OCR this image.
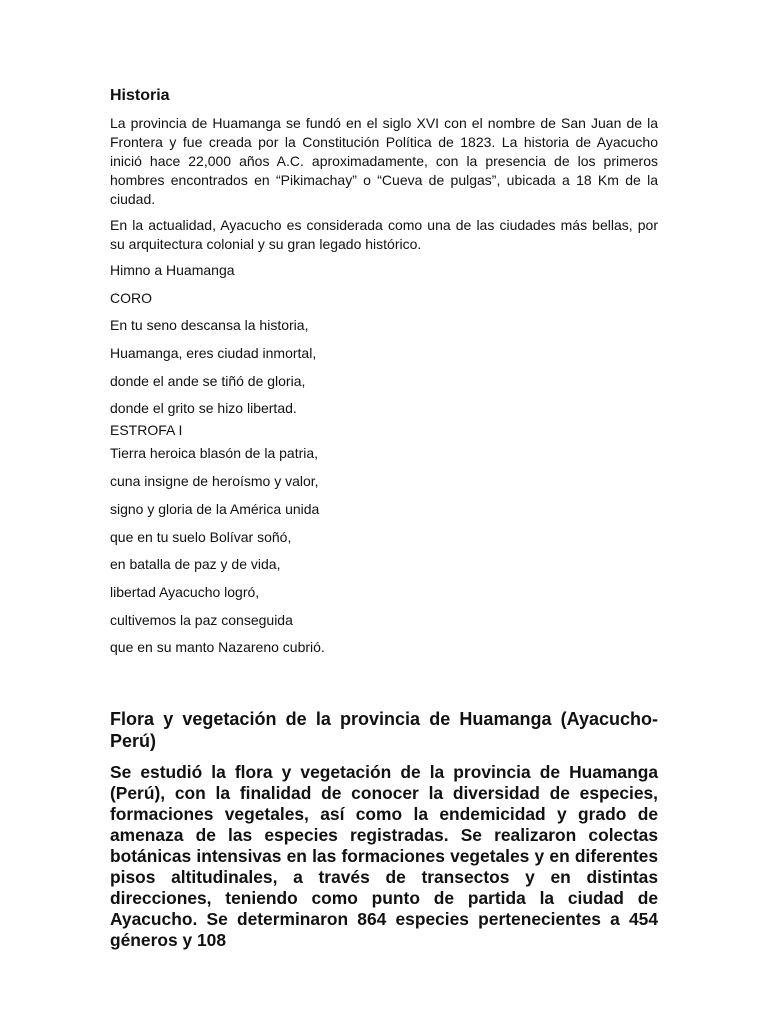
Historia

La provincia de Huamanga se fundó en el siglo XVI con el nombre de San Juan de la Frontera y fue creada por la Constitución Política de 1823. La historia de Ayacucho inició hace 22,000 años A.C. aproximadamente, con la presencia de los primeros hombres encontrados en “Pikimachay” o “Cueva de pulgas”, ubicada a 18 Km de la ciudad.

En la actualidad, Ayacucho es considerada como una de las ciudades más bellas, por su arquitectura colonial y su gran legado histórico.

Himno a Huamanga

CORO

En tu seno descansa la historia,

Huamanga, eres ciudad inmortal,

donde el ande se tiñó de gloria,

donde el grito se hizo libertad.

ESTROFA I

Tierra heroica blasón de la patria,

cuna insigne de heroísmo y valor,

signo y gloria de la América unida

que en tu suelo Bolívar soñó,

en batalla de paz y de vida,

libertad Ayacucho logró,

cultivemos la paz conseguida

que en su manto Nazareno cubrió.

Flora y vegetación de la provincia de Huamanga (Ayacucho-Perú)

Se estudió la flora y vegetación de la provincia de Huamanga (Perú), con la finalidad de conocer la diversidad de especies, formaciones vegetales, así como la endemicidad y grado de amenaza de las especies registradas. Se realizaron colectas botánicas intensivas en las formaciones vegetales y en diferentes pisos altitudinales, a través de transectos y en distintas direcciones, teniendo como punto de partida la ciudad de Ayacucho. Se determinaron 864 especies pertenecientes a 454 géneros y 108
